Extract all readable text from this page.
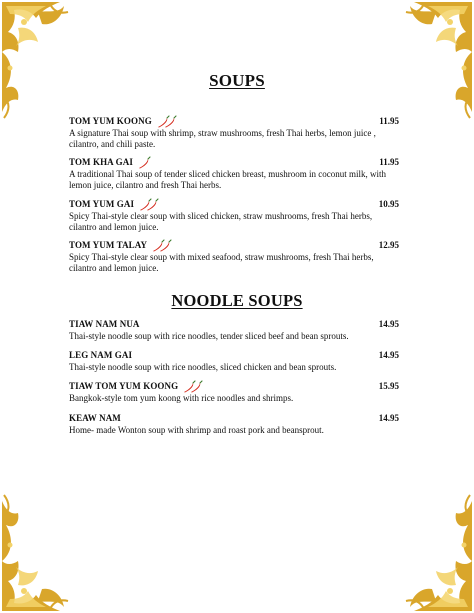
SOUPS
TOM YUM KOONG	11.95
A signature Thai soup with shrimp, straw mushrooms, fresh Thai herbs, lemon juice , cilantro, and chili paste.
TOM KHA GAI	11.95
A traditional Thai soup of tender sliced chicken breast, mushroom in coconut milk, with lemon juice, cilantro and fresh Thai herbs.
TOM YUM GAI	10.95
Spicy Thai-style clear soup with sliced chicken, straw mushrooms, fresh Thai herbs, cilantro and lemon juice.
TOM YUM TALAY	12.95
Spicy Thai-style clear soup with mixed seafood, straw mushrooms, fresh Thai herbs, cilantro and lemon juice.
NOODLE SOUPS
TIAW NAM NUA	14.95
Thai-style noodle soup with rice noodles, tender sliced beef and bean sprouts.
LEG NAM GAI	14.95
Thai-style noodle soup with rice noodles, sliced chicken and bean sprouts.
TIAW TOM YUM KOONG	15.95
Bangkok-style tom yum koong with rice noodles and shrimps.
KEAW NAM	14.95
Home- made Wonton soup with shrimp and roast pork and beansprout.
